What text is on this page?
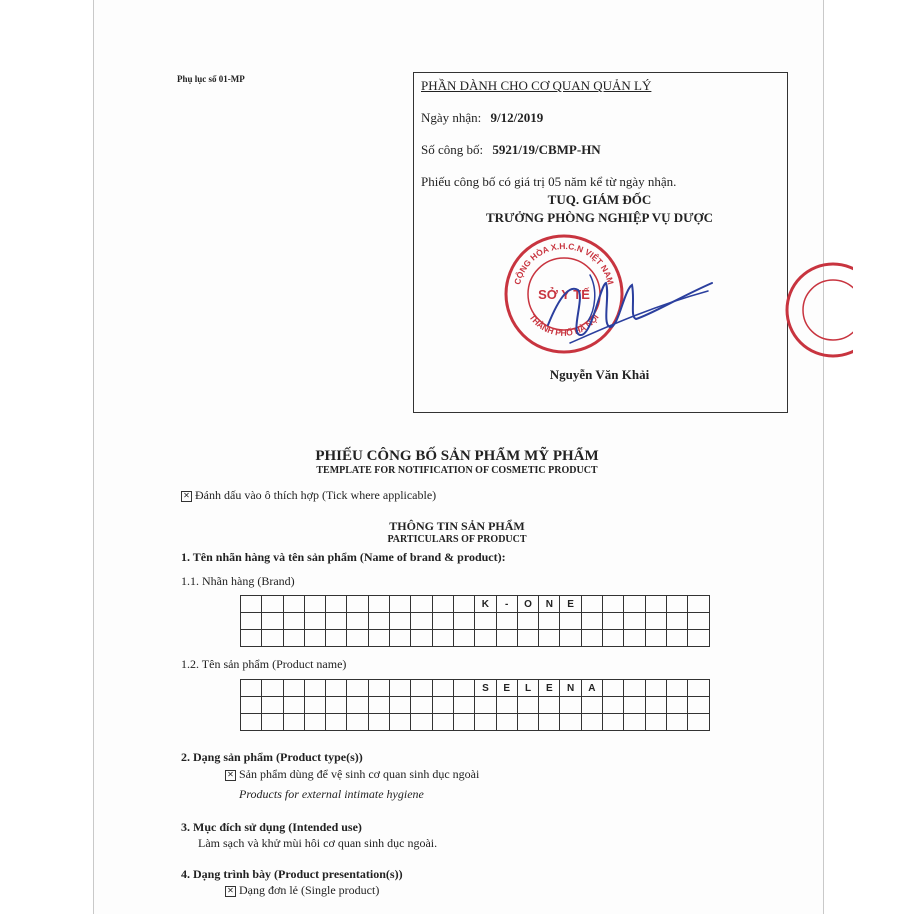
Phụ lục số 01-MP	PHẦN DÀNH CHO CƠ QUAN QUẢN LÝ
Ngày nhận: 9/12/2019
Số công bố: 5921/19/CBMP-HN
Phiếu công bố có giá trị 05 năm kể từ ngày nhận.
TUQ. GIÁM ĐỐC
TRƯỞNG PHÒNG NGHIỆP VỤ DƯỢC
CỘNG HÒA X.H.C.N VIỆT NAM
THÀNH PHỐ HÀ NỘI
SỞ Y TẾ
Nguyễn Văn Khải
PHIẾU CÔNG BỐ SẢN PHẨM MỸ PHẨM
TEMPLATE FOR NOTIFICATION OF COSMETIC PRODUCT
✕ Đánh dấu vào ô thích hợp (Tick where applicable)
THÔNG TIN SẢN PHẨM
PARTICULARS OF PRODUCT
1. Tên nhãn hàng và tên sản phẩm (Name of brand & product):
1.1. Nhãn hàng (Brand)
											K	-	O	N	E						

1.2. Tên sản phẩm (Product name)
											S	E	L	E	N	A					

2. Dạng sản phẩm (Product type(s))
✕ Sản phẩm dùng để vệ sinh cơ quan sinh dục ngoài
Products for external intimate hygiene
3. Mục đích sử dụng (Intended use)
Làm sạch và khử mùi hôi cơ quan sinh dục ngoài.
4. Dạng trình bày (Product presentation(s))
✕ Dạng đơn lẻ (Single product)
